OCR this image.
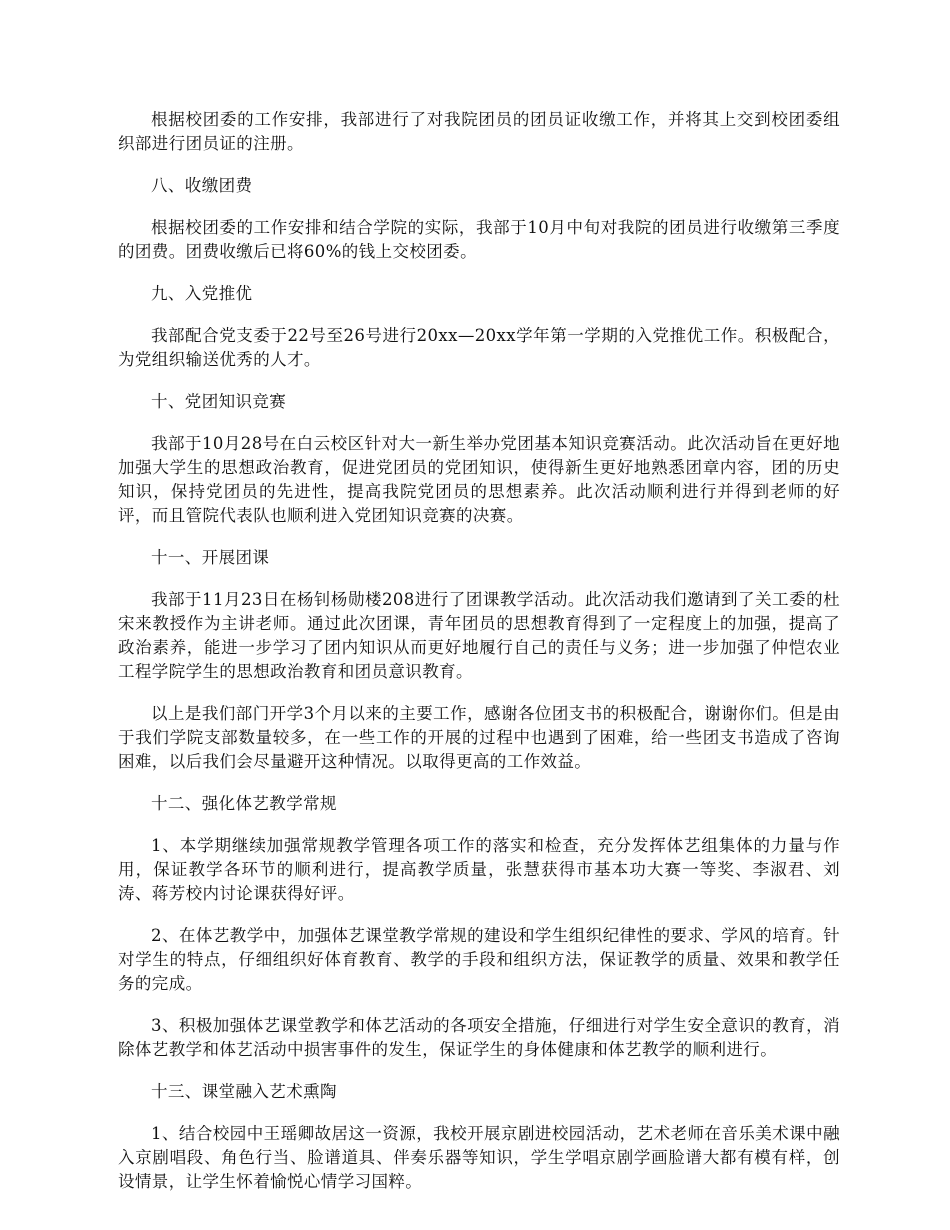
根据校团委的工作安排，我部进行了对我院团员的团员证收缴工作，并将其上交到校团委组织部进行团员证的注册。

八、收缴团费

根据校团委的工作安排和结合学院的实际，我部于10月中旬对我院的团员进行收缴第三季度的团费。团费收缴后已将60%的钱上交校团委。

九、入党推优

我部配合党支委于22号至26号进行20xx—20xx学年第一学期的入党推优工作。积极配合，为党组织输送优秀的人才。

十、党团知识竞赛

我部于10月28号在白云校区针对大一新生举办党团基本知识竞赛活动。此次活动旨在更好地加强大学生的思想政治教育，促进党团员的党团知识，使得新生更好地熟悉团章内容，团的历史知识，保持党团员的先进性，提高我院党团员的思想素养。此次活动顺利进行并得到老师的好评，而且管院代表队也顺利进入党团知识竞赛的决赛。

十一、开展团课

我部于11月23日在杨钊杨勋楼208进行了团课教学活动。此次活动我们邀请到了关工委的杜宋来教授作为主讲老师。通过此次团课，青年团员的思想教育得到了一定程度上的加强，提高了政治素养，能进一步学习了团内知识从而更好地履行自己的责任与义务；进一步加强了仲恺农业工程学院学生的思想政治教育和团员意识教育。

以上是我们部门开学3个月以来的主要工作，感谢各位团支书的积极配合，谢谢你们。但是由于我们学院支部数量较多，在一些工作的开展的过程中也遇到了困难，给一些团支书造成了咨询困难，以后我们会尽量避开这种情况。以取得更高的工作效益。

十二、强化体艺教学常规

1、本学期继续加强常规教学管理各项工作的落实和检查，充分发挥体艺组集体的力量与作用，保证教学各环节的顺利进行，提高教学质量，张慧获得市基本功大赛一等奖、李淑君、刘涛、蒋芳校内讨论课获得好评。

2、在体艺教学中，加强体艺课堂教学常规的建设和学生组织纪律性的要求、学风的培育。针对学生的特点，仔细组织好体育教育、教学的手段和组织方法，保证教学的质量、效果和教学任务的完成。

3、积极加强体艺课堂教学和体艺活动的各项安全措施，仔细进行对学生安全意识的教育，消除体艺教学和体艺活动中损害事件的发生，保证学生的身体健康和体艺教学的顺利进行。

十三、课堂融入艺术熏陶

1、结合校园中王瑶卿故居这一资源，我校开展京剧进校园活动，艺术老师在音乐美术课中融入京剧唱段、角色行当、脸谱道具、伴奏乐器等知识，学生学唱京剧学画脸谱大都有模有样，创设情景，让学生怀着愉悦心情学习国粹。
